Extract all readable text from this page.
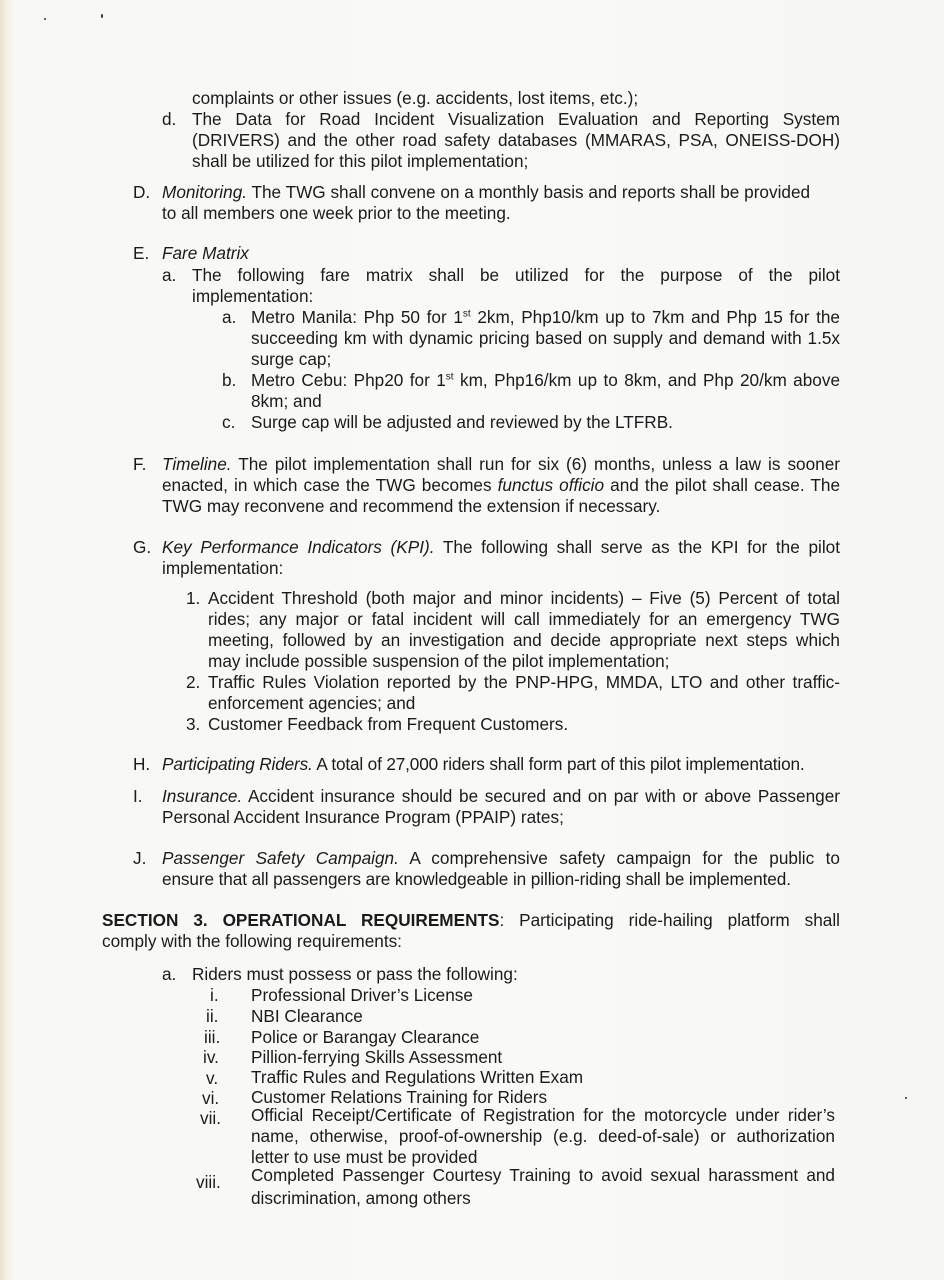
complaints or other issues (e.g. accidents, lost items, etc.);
d. The Data for Road Incident Visualization Evaluation and Reporting System
(DRIVERS) and the other road safety databases (MMARAS, PSA, ONEISS-DOH)
shall be utilized for this pilot implementation;
D. Monitoring. The TWG shall convene on a monthly basis and reports shall be provided
to all members one week prior to the meeting.
E. Fare Matrix
a. The following fare matrix shall be utilized for the purpose of the pilot
implementation:
a. Metro Manila: Php 50 for 1st 2km, Php10/km up to 7km and Php 15 for the
succeeding km with dynamic pricing based on supply and demand with 1.5x
surge cap;
b. Metro Cebu: Php20 for 1st km, Php16/km up to 8km, and Php 20/km above
8km; and
c. Surge cap will be adjusted and reviewed by the LTFRB.
F. Timeline. The pilot implementation shall run for six (6) months, unless a law is sooner
enacted, in which case the TWG becomes functus officio and the pilot shall cease. The
TWG may reconvene and recommend the extension if necessary.
G. Key Performance Indicators (KPI). The following shall serve as the KPI for the pilot
implementation:
1. Accident Threshold (both major and minor incidents) – Five (5) Percent of total
rides; any major or fatal incident will call immediately for an emergency TWG
meeting, followed by an investigation and decide appropriate next steps which
may include possible suspension of the pilot implementation;
2. Traffic Rules Violation reported by the PNP-HPG, MMDA, LTO and other traffic-
enforcement agencies; and
3. Customer Feedback from Frequent Customers.
H. Participating Riders. A total of 27,000 riders shall form part of this pilot implementation.
I. Insurance. Accident insurance should be secured and on par with or above Passenger
Personal Accident Insurance Program (PPAIP) rates;
J. Passenger Safety Campaign. A comprehensive safety campaign for the public to
ensure that all passengers are knowledgeable in pillion-riding shall be implemented.
SECTION 3. OPERATIONAL REQUIREMENTS: Participating ride-hailing platform shall
comply with the following requirements:
a. Riders must possess or pass the following:
i. Professional Driver’s License
ii. NBI Clearance
iii. Police or Barangay Clearance
iv. Pillion-ferrying Skills Assessment
v. Traffic Rules and Regulations Written Exam
vi. Customer Relations Training for Riders
vii. Official Receipt/Certificate of Registration for the motorcycle under rider’s
name, otherwise, proof-of-ownership (e.g. deed-of-sale) or authorization
letter to use must be provided
viii. Completed Passenger Courtesy Training to avoid sexual harassment and
discrimination, among others
